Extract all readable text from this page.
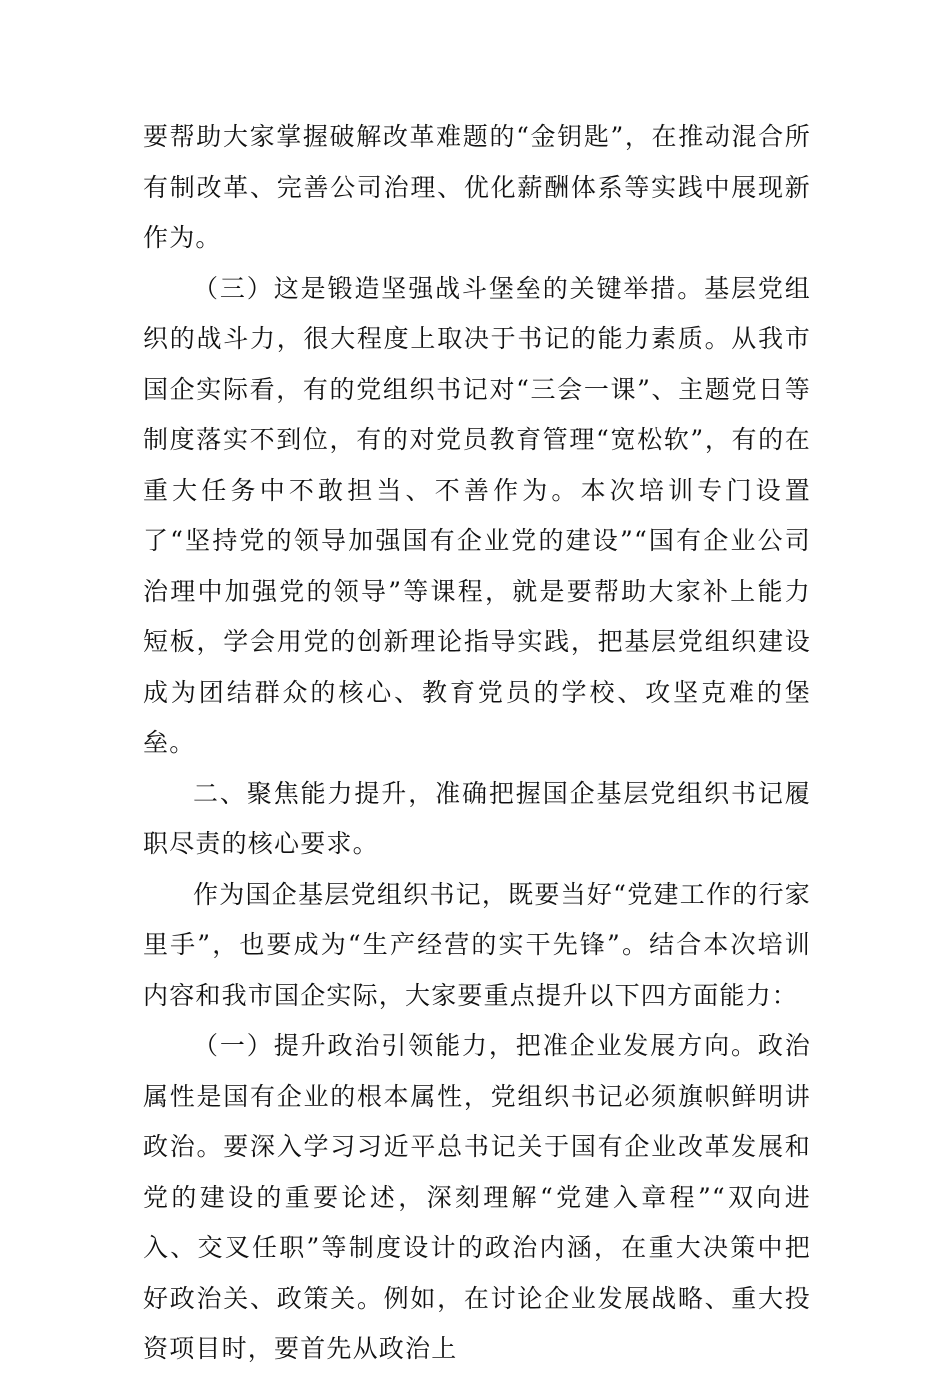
要帮助大家掌握破解改革难题的“金钥匙”，在推动混合所有制改革、完善公司治理、优化薪酬体系等实践中展现新作为。

（三）这是锻造坚强战斗堡垒的关键举措。基层党组织的战斗力，很大程度上取决于书记的能力素质。从我市国企实际看，有的党组织书记对“三会一课”、主题党日等制度落实不到位，有的对党员教育管理“宽松软”，有的在重大任务中不敢担当、不善作为。本次培训专门设置了“坚持党的领导加强国有企业党的建设”“国有企业公司治理中加强党的领导”等课程，就是要帮助大家补上能力短板，学会用党的创新理论指导实践，把基层党组织建设成为团结群众的核心、教育党员的学校、攻坚克难的堡垒。

二、聚焦能力提升，准确把握国企基层党组织书记履职尽责的核心要求。

作为国企基层党组织书记，既要当好“党建工作的行家里手”，也要成为“生产经营的实干先锋”。结合本次培训内容和我市国企实际，大家要重点提升以下四方面能力：

（一）提升政治引领能力，把准企业发展方向。政治属性是国有企业的根本属性，党组织书记必须旗帜鲜明讲政治。要深入学习习近平总书记关于国有企业改革发展和党的建设的重要论述，深刻理解“党建入章程”“双向进入、交叉任职”等制度设计的政治内涵，在重大决策中把好政治关、政策关。例如，在讨论企业发展战略、重大投资项目时，要首先从政治上
